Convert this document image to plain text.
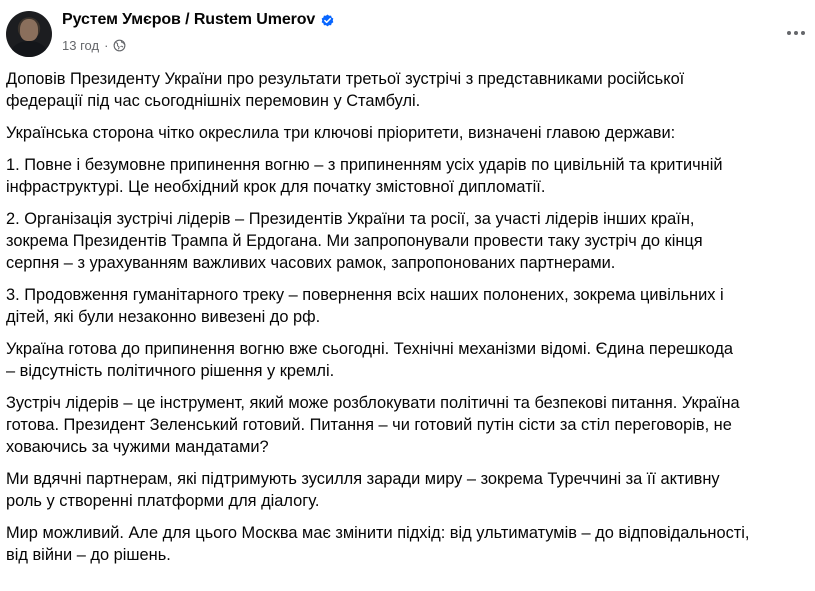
Рустем Умєров / Rustem Umerov
13 год ·

Доповів Президенту України про результати третьої зустрічі з представниками російської
федерації під час сьогоднішніх перемовин у Стамбулі.

Українська сторона чітко окреслила три ключові пріоритети, визначені главою держави:

1. Повне і безумовне припинення вогню – з припиненням усіх ударів по цивільній та критичній
інфраструктурі. Це необхідний крок для початку змістовної дипломатії.

2. Організація зустрічі лідерів – Президентів України та росії, за участі лідерів інших країн,
зокрема Президентів Трампа й Ердогана. Ми запропонували провести таку зустріч до кінця
серпня – з урахуванням важливих часових рамок, запропонованих партнерами.

3. Продовження гуманітарного треку – повернення всіх наших полонених, зокрема цивільних і
дітей, які були незаконно вивезені до рф.

Україна готова до припинення вогню вже сьогодні. Технічні механізми відомі. Єдина перешкода
– відсутність політичного рішення у кремлі.

Зустріч лідерів – це інструмент, який може розблокувати політичні та безпекові питання. Україна
готова. Президент Зеленський готовий. Питання – чи готовий путін сісти за стіл переговорів, не
ховаючись за чужими мандатами?

Ми вдячні партнерам, які підтримують зусилля заради миру – зокрема Туреччині за її активну
роль у створенні платформи для діалогу.

Мир можливий. Але для цього Москва має змінити підхід: від ультиматумів – до відповідальності,
від війни – до рішень.
